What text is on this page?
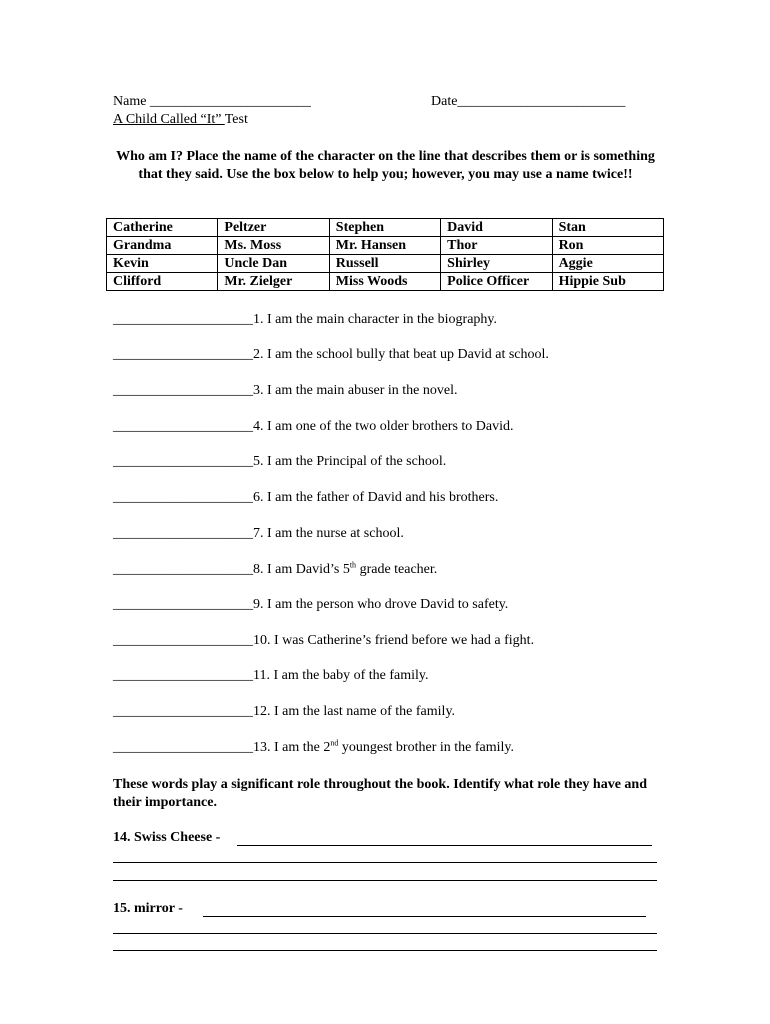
Name _______________________	Date________________________
A Child Called “It” Test
Who am I? Place the name of the character on the line that describes them or is something that they said. Use the box below to help you; however, you may use a name twice!!
Catherine	Peltzer	Stephen	David	Stan
Grandma	Ms. Moss	Mr. Hansen	Thor	Ron
Kevin	Uncle Dan	Russell	Shirley	Aggie
Clifford	Mr. Zielger	Miss Woods	Police Officer	Hippie Sub
____________________1. I am the main character in the biography.
____________________2. I am the school bully that beat up David at school.
____________________3. I am the main abuser in the novel.
____________________4. I am one of the two older brothers to David.
____________________5. I am the Principal of the school.
____________________6. I am the father of David and his brothers.
____________________7. I am the nurse at school.
____________________8. I am David’s 5th grade teacher.
____________________9. I am the person who drove David to safety.
____________________10. I was Catherine’s friend before we had a fight.
____________________11. I am the baby of the family.
____________________12. I am the last name of the family.
____________________13. I am the 2nd youngest brother in the family.
These words play a significant role throughout the book. Identify what role they have and their importance.
14. Swiss Cheese -
15. mirror -
